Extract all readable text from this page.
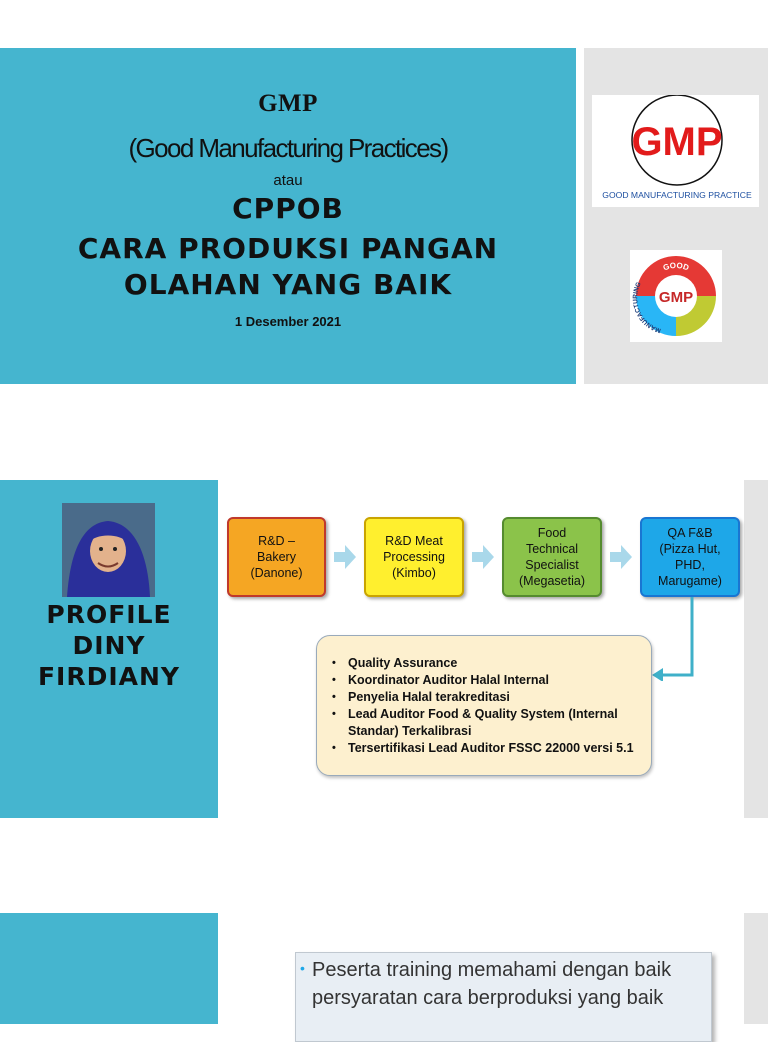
GMP
(Good Manufacturing Practices)
atau
CPPOB
CARA PRODUKSI PANGAN
OLAHAN YANG BAIK
1 Desember 2021
GMP
GOOD MANUFACTURING PRACTICE
GMP
GOOD
MANUFACTURING
PROFILE
DINY
FIRDIANY
R&D –
Bakery
(Danone)
R&D Meat
Processing
(Kimbo)
Food
Technical
Specialist
(Megasetia)
QA F&B
(Pizza Hut,
PHD,
Marugame)
• Quality Assurance
• Koordinator Auditor Halal Internal
• Penyelia Halal terakreditasi
• Lead Auditor Food & Quality System (Internal Standar) Terkalibrasi
• Tersertifikasi Lead Auditor FSSC 22000 versi 5.1
• Peserta training memahami dengan baik persyaratan cara berproduksi yang baik
